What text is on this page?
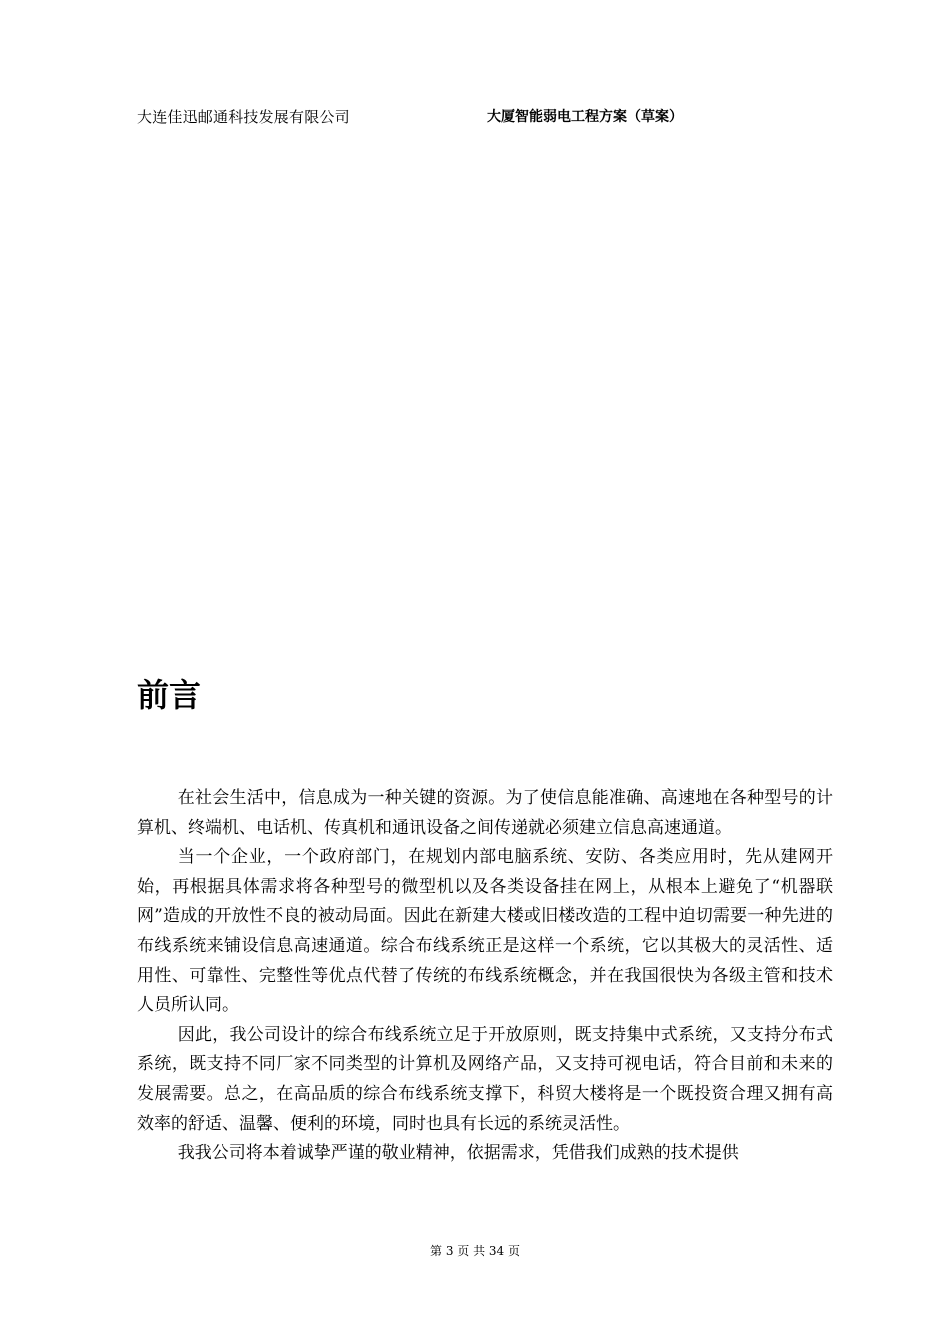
大连佳迅邮通科技发展有限公司	大厦智能弱电工程方案（草案）
前言

在社会生活中，信息成为一种关键的资源。为了使信息能准确、高速地在各种型号的计算机、终端机、电话机、传真机和通讯设备之间传递就必须建立信息高速通道。

当一个企业，一个政府部门，在规划内部电脑系统、安防、各类应用时，先从建网开始，再根据具体需求将各种型号的微型机以及各类设备挂在网上，从根本上避免了“机器联网”造成的开放性不良的被动局面。因此在新建大楼或旧楼改造的工程中迫切需要一种先进的布线系统来铺设信息高速通道。综合布线系统正是这样一个系统，它以其极大的灵活性、适用性、可靠性、完整性等优点代替了传统的布线系统概念，并在我国很快为各级主管和技术人员所认同。

因此，我公司设计的综合布线系统立足于开放原则，既支持集中式系统，又支持分布式系统，既支持不同厂家不同类型的计算机及网络产品，又支持可视电话，符合目前和未来的发展需要。总之，在高品质的综合布线系统支撑下，科贸大楼将是一个既投资合理又拥有高效率的舒适、温馨、便利的环境，同时也具有长远的系统灵活性。

我我公司将本着诚挚严谨的敬业精神，依据需求，凭借我们成熟的技术提供

第 3 页 共 34 页
